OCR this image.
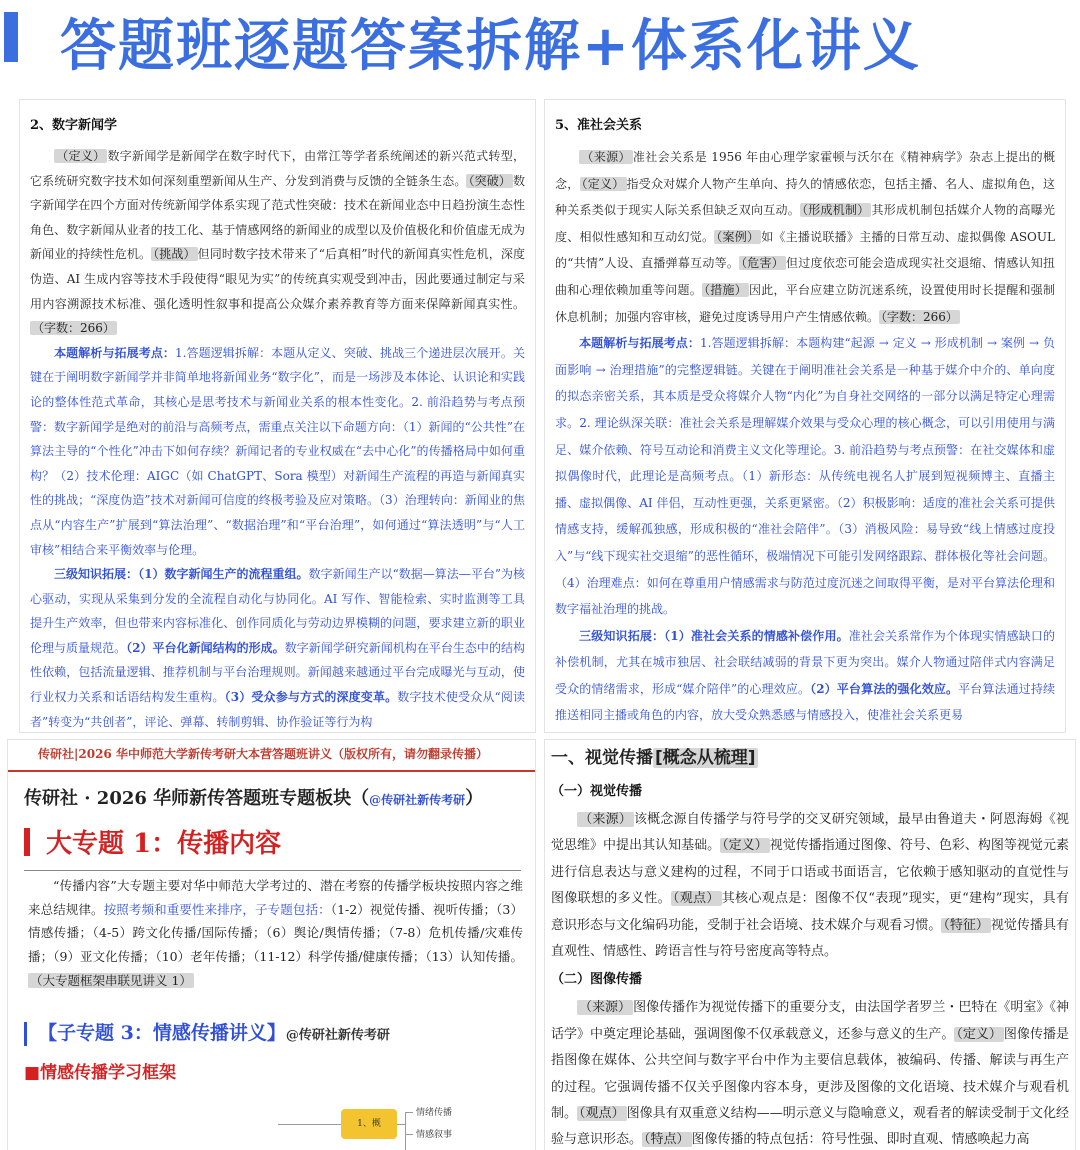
答题班逐题答案拆解+体系化讲义
2、数字新闻学

  （定义） 数字新闻学是新闻学在数字时代下，由常江等学者系统阐述的新兴范式转型，它系统研究数字技术如何深刻重塑新闻从生产、分发到消费与反馈的全链条生态。 （突破） 数字新闻学在四个方面对传统新闻学体系实现了范式性突破：技术在新闻业态中日趋扮演生态性角色、数字新闻从业者的技工化、基于情感网络的新闻业的成型以及价值极化和价值虚无成为新闻业的持续性危机。 （挑战） 但同时数字技术带来了“后真相”时代的新闻真实性危机，深度伪造、AI 生成内容等技术手段使得“眼见为实”的传统真实观受到冲击，因此要通过制定与采用内容溯源技术标准、强化透明性叙事和提高公众媒介素养教育等方面来保障新闻真实性。（字数：266）

  本题解析与拓展考点：1.答题逻辑拆解：本题从定义、突破、挑战三个递进层次展开。关键在于阐明数字新闻学并非简单地将新闻业务“数字化”，而是一场涉及本体论、认识论和实践论的整体性范式革命，其核心是思考技术与新闻业关系的根本性变化。2. 前沿趋势与考点预警：数字新闻学是绝对的前沿与高频考点，需重点关注以下命题方向：（1）新闻的“公共性”在算法主导的“个性化”冲击下如何存续？新闻记者的专业权威在“去中心化”的传播格局中如何重构？（2）技术伦理：AIGC（如 ChatGPT、Sora 模型）对新闻生产流程的再造与新闻真实性的挑战；“深度伪造”技术对新闻可信度的终极考验及应对策略。（3）治理转向：新闻业的焦点从“内容生产”扩展到“算法治理”、“数据治理”和“平台治理”，如何通过“算法透明”与“人工审核”相结合来平衡效率与伦理。

  三级知识拓展：（1）数字新闻生产的流程重组。数字新闻生产以“数据—算法—平台”为核心驱动，实现从采集到分发的全流程自动化与协同化。AI 写作、智能检索、实时监测等工具提升生产效率，但也带来内容标准化、创作同质化与劳动边界模糊的问题，要求建立新的职业伦理与质量规范。（2）平台化新闻结构的形成。数字新闻学研究新闻机构在平台生态中的结构性依赖，包括流量逻辑、推荐机制与平台治理规则。新闻越来越通过平台完成曝光与互动，使行业权力关系和话语结构发生重构。（3）受众参与方式的深度变革。数字技术使受众从“阅读者”转变为“共创者”，评论、弹幕、转制剪辑、协作验证等行为构

5、准社会关系

  （来源） 准社会关系是 1956 年由心理学家霍顿与沃尔在《精神病学》杂志上提出的概念， （定义） 指受众对媒介人物产生单向、持久的情感依恋，包括主播、名人、虚拟角色，这种关系类似于现实人际关系但缺乏双向互动。 （形成机制） 其形成机制包括媒介人物的高曝光度、相似性感知和互动幻觉。 （案例） 如《主播说联播》主播的日常互动、虚拟偶像 ASOUL 的“共情”人设、直播弹幕互动等。 （危害） 但过度依恋可能会造成现实社交退缩、情感认知扭曲和心理依赖加重等问题。 （措施） 因此，平台应建立防沉迷系统，设置使用时长提醒和强制休息机制；加强内容审核，避免过度诱导用户产生情感依赖。 （字数：266）

  本题解析与拓展考点：1.答题逻辑拆解：本题构建“起源 → 定义 → 形成机制 → 案例 → 负面影响 → 治理措施”的完整逻辑链。关键在于阐明准社会关系是一种基于媒介中介的、单向度的拟态亲密关系，其本质是受众将媒介人物“内化”为自身社交网络的一部分以满足特定心理需求。2. 理论纵深关联：准社会关系是理解媒介效果与受众心理的核心概念，可以引用使用与满足、媒介依赖、符号互动论和消费主义文化等理论。3. 前沿趋势与考点预警：在社交媒体和虚拟偶像时代，此理论是高频考点。（1）新形态：从传统电视名人扩展到短视频博主、直播主播、虚拟偶像、AI 伴侣，互动性更强，关系更紧密。（2）积极影响：适度的准社会关系可提供情感支持，缓解孤独感，形成积极的“准社会陪伴”。（3）消极风险：易导致“线上情感过度投入”与“线下现实社交退缩”的恶性循环，极端情况下可能引发网络跟踪、群体极化等社会问题。（4）治理难点：如何在尊重用户情感需求与防范过度沉迷之间取得平衡，是对平台算法伦理和数字福祉治理的挑战。

  三级知识拓展：（1）准社会关系的情感补偿作用。准社会关系常作为个体现实情感缺口的补偿机制，尤其在城市独居、社会联结减弱的背景下更为突出。媒介人物通过陪伴式内容满足受众的情绪需求，形成“媒介陪伴”的心理效应。（2）平台算法的强化效应。平台算法通过持续推送相同主播或角色的内容，放大受众熟悉感与情感投入，使准社会关系更易

传研社|2026 华中师范大学新传考研大本营答题班讲义（版权所有，请勿翻录传播）
传研社 · 2026 华师新传答题班专题板块（@传研社新传考研）
大专题 1：传播内容
  “传播内容”大专题主要对华中师范大学考过的、潜在考察的传播学板块按照内容之维来总结规律。按照考频和重要性来排序，子专题包括：（1-2）视觉传播、视听传播；（3）情感传播；（4-5）跨文化传播/国际传播；（6）舆论/舆情传播；（7-8）危机传播/灾难传播；（9）亚文化传播；（10）老年传播；（11-12）科学传播/健康传播；（13）认知传播。（大专题框架串联见讲义 1）
【子专题 3：情感传播讲义】@传研社新传考研
■情感传播学习框架
1、概
情绪传播
情感叙事
一、视觉传播 [概念从梳理]
（一）视觉传播

  （来源） 该概念源自传播学与符号学的交叉研究领域，最早由鲁道夫・阿恩海姆《视觉思维》中提出其认知基础。 （定义） 视觉传播指通过图像、符号、色彩、构图等视觉元素进行信息表达与意义建构的过程，不同于口语或书面语言，它依赖于感知驱动的直觉性与图像联想的多义性。 （观点） 其核心观点是：图像不仅“表现”现实，更“建构”现实，具有意识形态与文化编码功能，受制于社会语境、技术媒介与观看习惯。 （特征） 视觉传播具有直观性、情感性、跨语言性与符号密度高等特点。

（二）图像传播

  （来源） 图像传播作为视觉传播下的重要分支，由法国学者罗兰・巴特在《明室》《神话学》中奠定理论基础，强调图像不仅承载意义，还参与意义的生产。 （定义） 图像传播是指图像在媒体、公共空间与数字平台中作为主要信息载体，被编码、传播、解读与再生产的过程。它强调传播不仅关乎图像内容本身，更涉及图像的文化语境、技术媒介与观看机制。 （观点） 图像具有双重意义结构——明示意义与隐喻意义，观看者的解读受制于文化经验与意识形态。 （特点） 图像传播的特点包括：符号性强、即时直观、情感唤起力高
